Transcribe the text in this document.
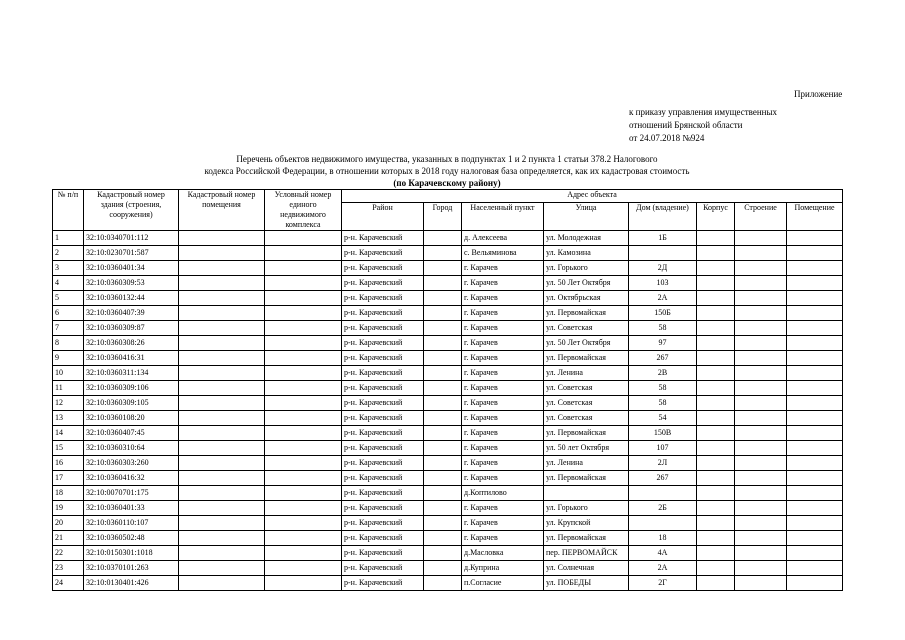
Приложение
к приказу управления имущественных
отношений Брянской области
от 24.07.2018 №924
Перечень объектов недвижимого имущества, указанных в подпунктах 1 и 2 пункта 1 статьи 378.2 Налогового
кодекса Российской Федерации, в отношении которых в 2018 году налоговая база определяется, как их кадастровая стоимость
(по Карачевскому району)
№ п/п	Кадастровый номер здания (строения, сооружения)	Кадастровый номер помещения	Условный номер единого недвижимого комплекса	Адрес объекта							
				Район	Город	Населенный пункт	Улица	Дом (владение)	Корпус	Строение	Помещение
1	32:10:0340701:112			р-н. Карачевский		д. Алексеева	ул. Молодежная	1Б			
2	32:10:0230701:587			р-н. Карачевский		с. Вельяминова	ул. Камозина				
3	32:10:0360401:34			р-н. Карачевский		г. Карачев	ул. Горького	2Д			
4	32:10:0360309:53			р-н. Карачевский		г. Карачев	ул. 50 Лет Октября	103			
5	32:10:0360132:44			р-н. Карачевский		г. Карачев	ул. Октябрьская	2А			
6	32:10:0360407:39			р-н. Карачевский		г. Карачев	ул. Первомайская	150Б			
7	32:10:0360309:87			р-н. Карачевский		г. Карачев	ул. Советская	58			
8	32:10:0360308:26			р-н. Карачевский		г. Карачев	ул. 50 Лет Октября	97			
9	32:10:0360416:31			р-н. Карачевский		г. Карачев	ул. Первомайская	267			
10	32:10:0360311:134			р-н. Карачевский		г. Карачев	ул. Ленина	2В			
11	32:10:0360309:106			р-н. Карачевский		г. Карачев	ул. Советская	58			
12	32:10:0360309:105			р-н. Карачевский		г. Карачев	ул. Советская	58			
13	32:10:0360108:20			р-н. Карачевский		г. Карачев	ул. Советская	54			
14	32:10:0360407:45			р-н. Карачевский		г. Карачев	ул. Первомайская	150В			
15	32:10:0360310:64			р-н. Карачевский		г. Карачев	ул. 50 лет Октября	107			
16	32:10:0360303:260			р-н. Карачевский		г. Карачев	ул. Ленина	2Л			
17	32:10:0360416:32			р-н. Карачевский		г. Карачев	ул. Первомайская	267			
18	32:10:0070701:175			р-н. Карачевский		д.Коптилово					
19	32:10:0360401:33			р-н. Карачевский		г. Карачев	ул. Горького	2Б			
20	32:10:0360110:107			р-н. Карачевский		г. Карачев	ул. Крупской				
21	32:10:0360502:48			р-н. Карачевский		г. Карачев	ул. Первомайская	18			
22	32:10:0150301:1018			р-н. Карачевский		д.Масловка	пер. ПЕРВОМАЙСК	4А			
23	32:10:0370101:263			р-н. Карачевский		д.Куприна	ул. Солнечная	2А			
24	32:10:0130401:426			р-н. Карачевский		п.Согласие	ул. ПОБЕДЫ	2Г			
